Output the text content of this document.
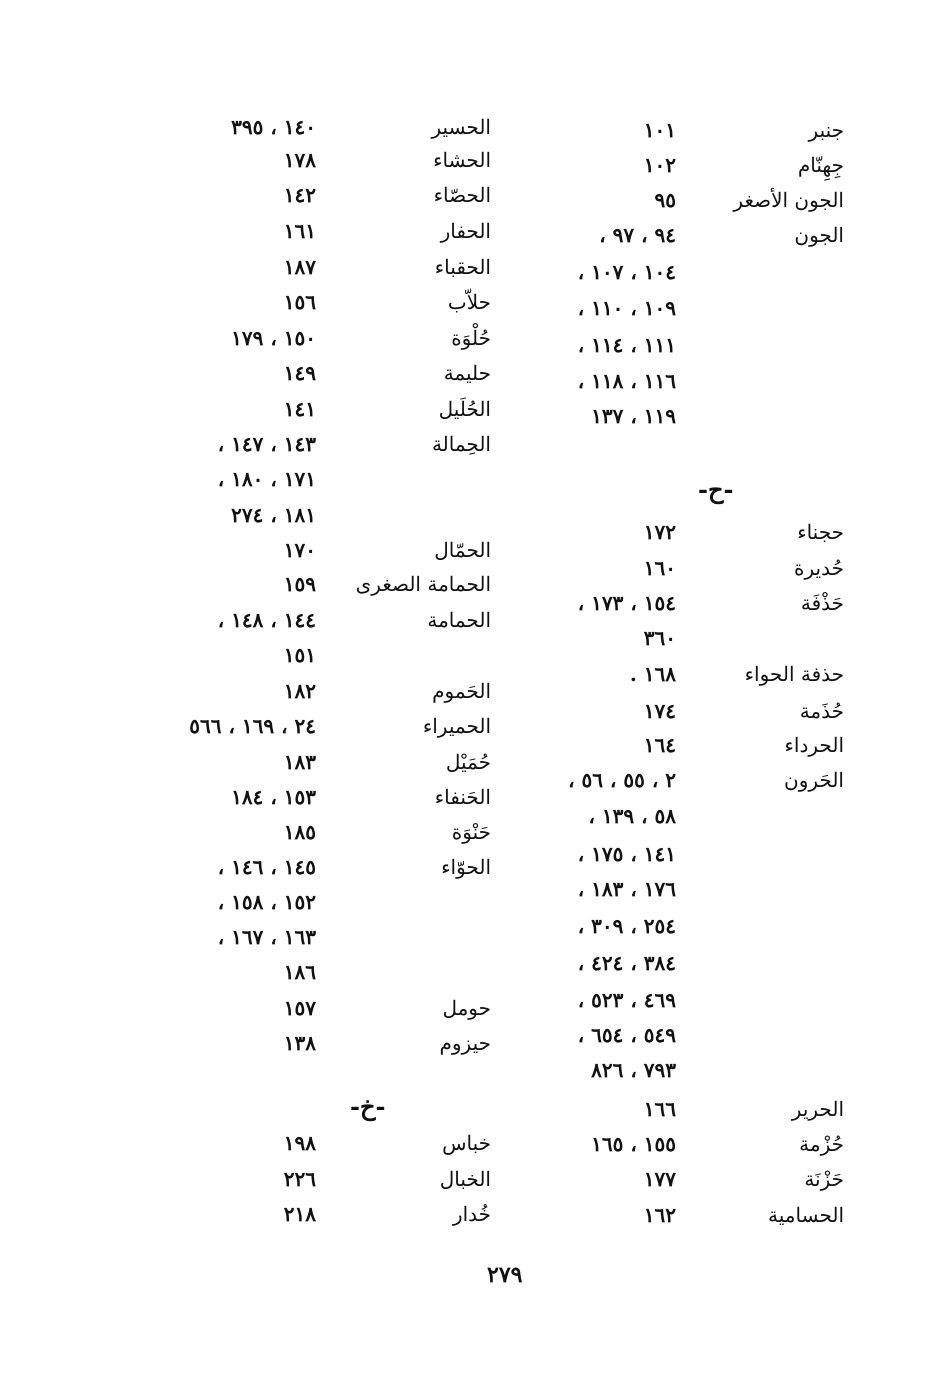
جنبر
١٠١
جِهِنّام
١٠٢
الجون الأصغر
٩٥
الجون
٩٤ ، ٩٧ ،
١٠٤ ، ١٠٧ ،
١٠٩ ، ١١٠ ،
١١١ ، ١١٤ ،
١١٦ ، ١١٨ ،
١١٩ ، ١٣٧
حجناء
١٧٢
حُديرة
١٦٠
حَذْفَة
١٥٤ ، ١٧٣ ،
٣٦٠
حذفة الحواء
١٦٨ .
حُذَمة
١٧٤
الحرداء
١٦٤
الحَرون
٢ ، ٥٥ ، ٥٦ ،
٥٨ ، ١٣٩ ،
١٤١ ، ١٧٥ ،
١٧٦ ، ١٨٣ ،
٢٥٤ ، ٣٠٩ ،
٣٨٤ ، ٤٢٤ ،
٤٦٩ ، ٥٢٣ ،
٥٤٩ ، ٦٥٤ ،
٧٩٣ ، ٨٢٦
الحرير
١٦٦
حُزْمة
١٥٥ ، ١٦٥
حَزْنَة
١٧٧
الحسامية
١٦٢
الحسير
١٤٠ ، ٣٩٥
الحشاء
١٧٨
الحصّاء
١٤٢
الحفار
١٦١
الحقباء
١٨٧
حلاّب
١٥٦
حُلْوَة
١٥٠ ، ١٧٩
حليمة
١٤٩
الحُلَيل
١٤١
الحِمالة
١٤٣ ، ١٤٧ ،
١٧١ ، ١٨٠ ،
١٨١ ، ٢٧٤
الحمّال
١٧٠
الحمامة الصغرى
١٥٩
الحمامة
١٤٤ ، ١٤٨ ،
١٥١
الحَموم
١٨٢
الحميراء
٢٤ ، ١٦٩ ، ٥٦٦
حُمَيْل
١٨٣
الحَنفاء
١٥٣ ، ١٨٤
حَنْوَة
١٨٥
الحوّاء
١٤٥ ، ١٤٦ ،
١٥٢ ، ١٥٨ ،
١٦٣ ، ١٦٧ ،
١٨٦
حومل
١٥٧
حيزوم
١٣٨
خباس
١٩٨
الخبال
٢٢٦
خُدار
٢١٨
-ح-
-خ-
٢٧٩
